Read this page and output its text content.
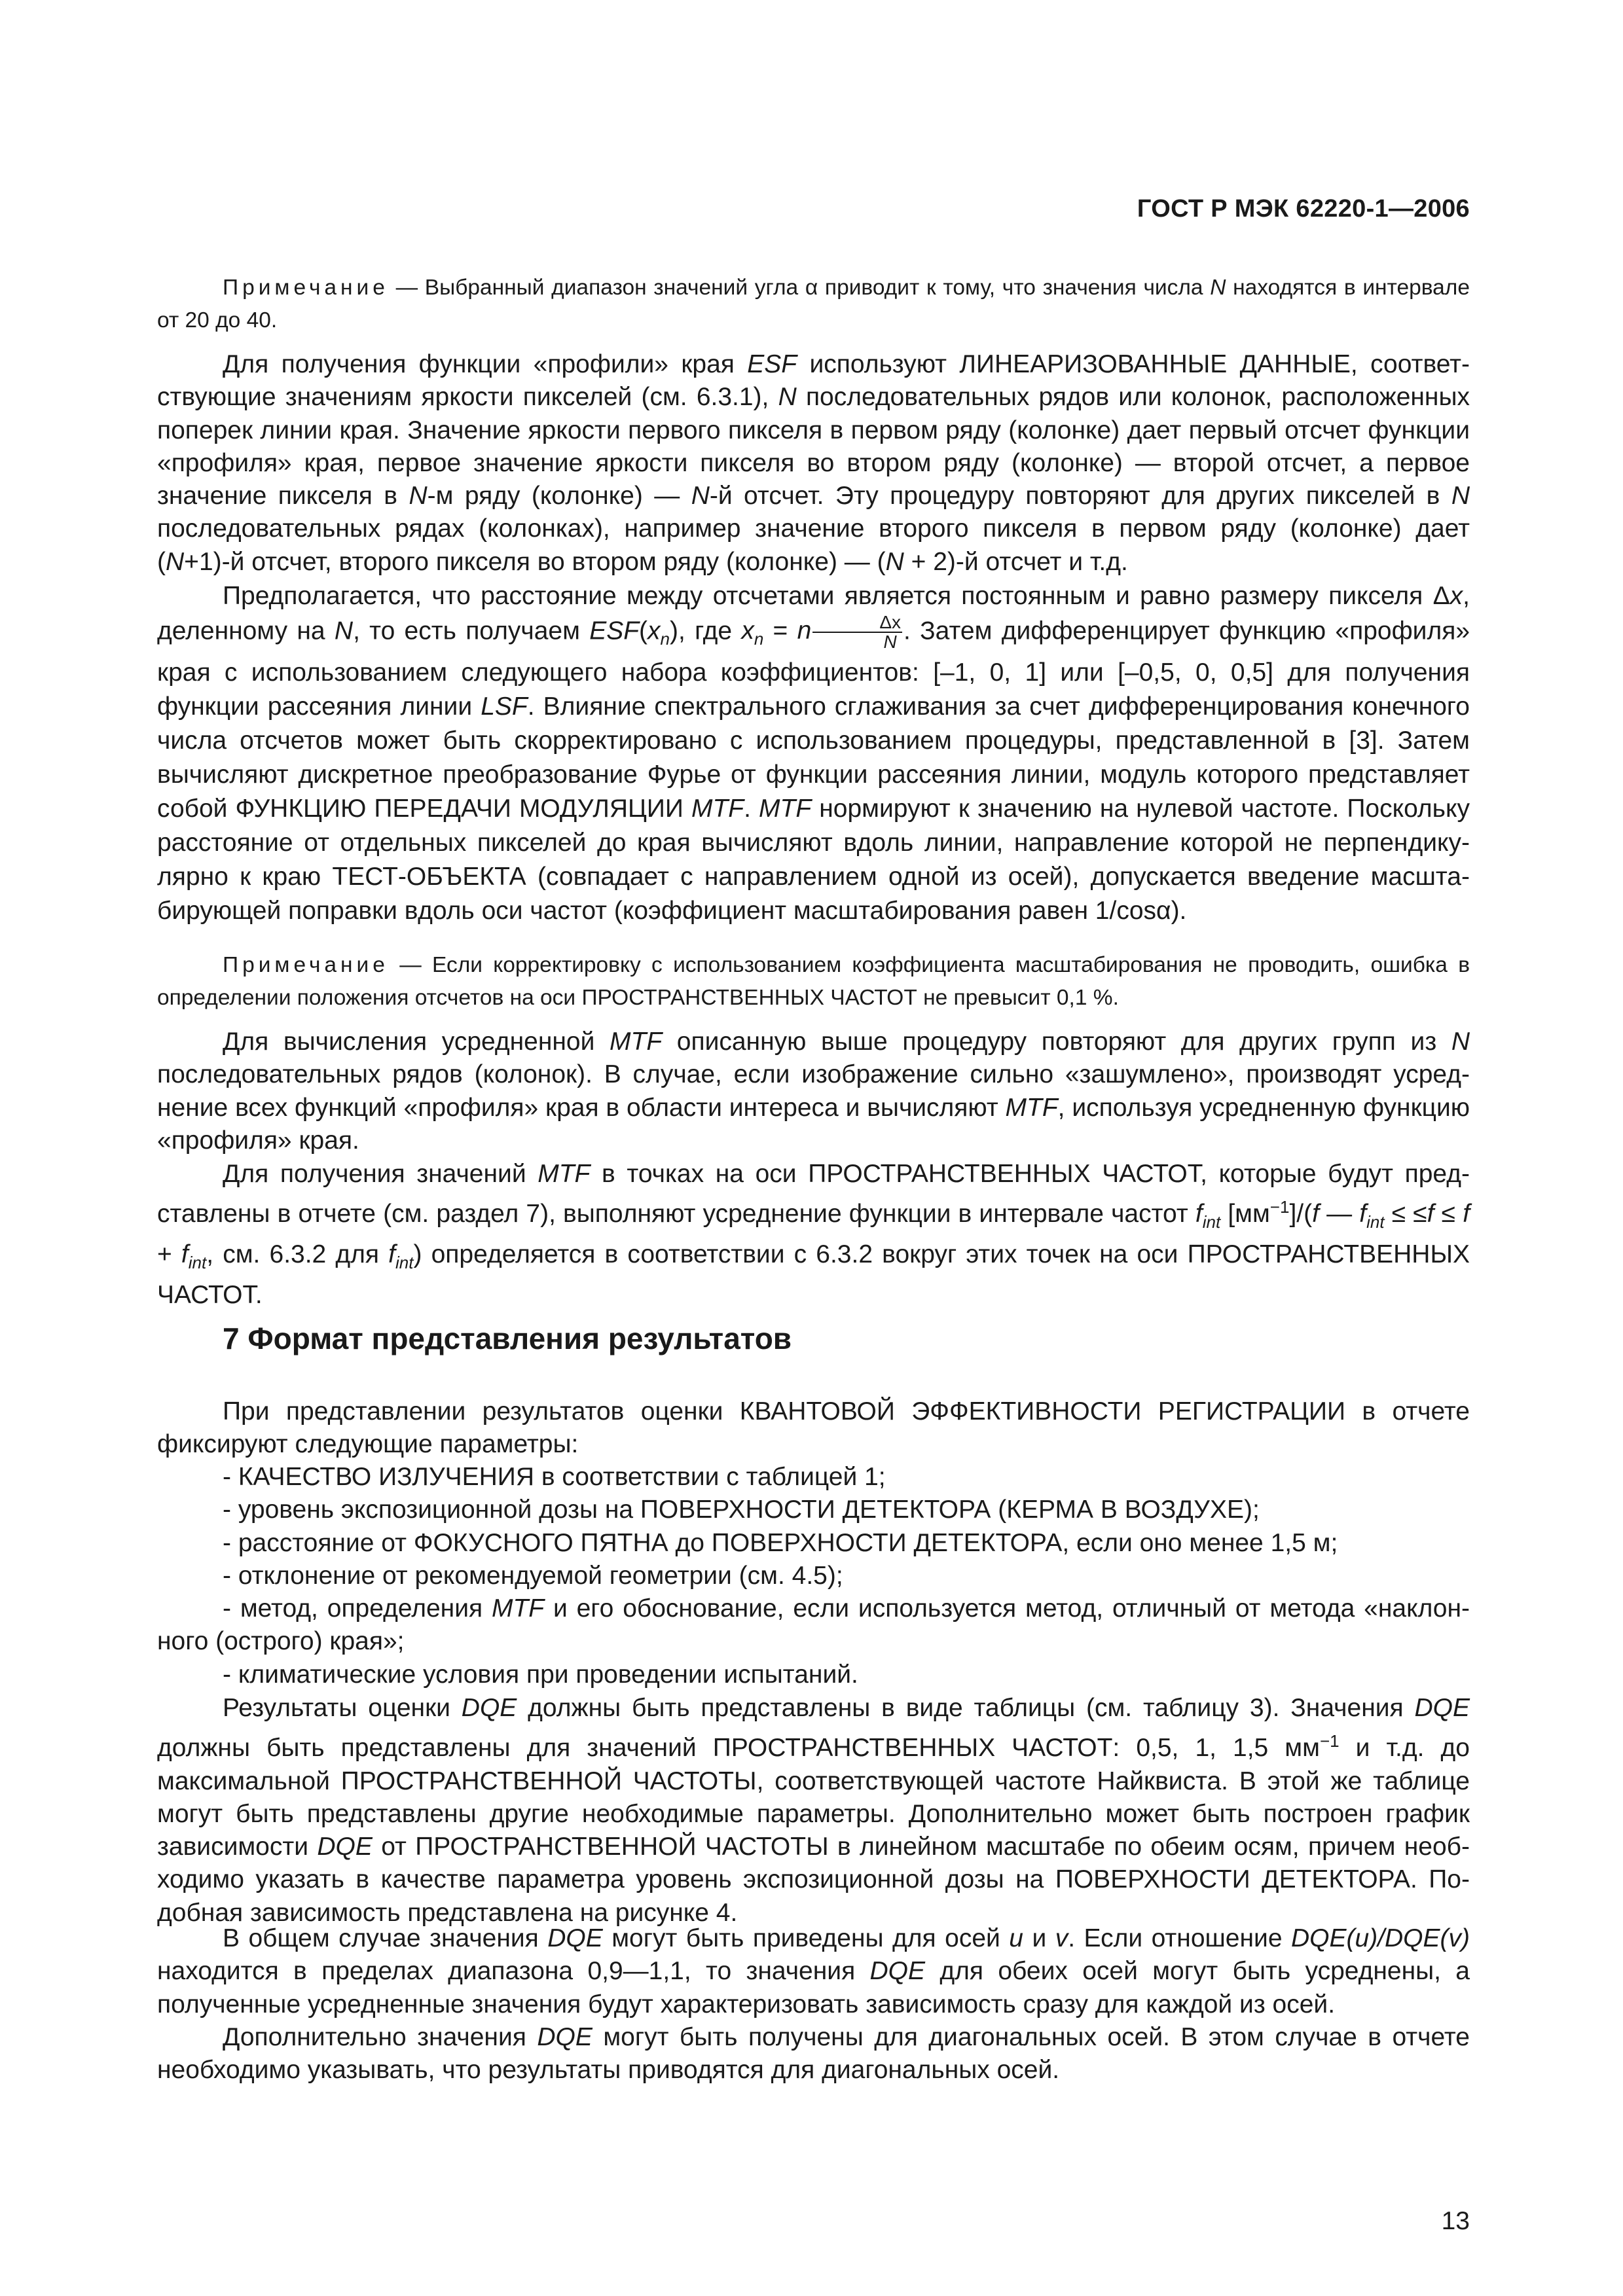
ГОСТ Р МЭК 62220-1—2006

Примечание — Выбранный диапазон значений угла α приводит к тому, что значения числа N находятся в интервале от 20 до 40.

Для получения функции «профили» края ESF используют ЛИНЕАРИЗОВАННЫЕ ДАННЫЕ, соответствующие значениям яркости пикселей (см. 6.3.1), N последовательных рядов или колонок, расположенных поперек линии края. Значение яркости первого пикселя в первом ряду (колонке) дает первый отсчет функции «профиля» края, первое значение яркости пикселя во втором ряду (колонке) — второй отсчет, а первое значение пикселя в N-м ряду (колонке) — N-й отсчет. Эту процедуру повторяют для других пикселей в N последовательных рядах (колонках), например значение второго пикселя в первом ряду (колонке) дает (N+1)-й отсчет, второго пикселя во втором ряду (колонке) — (N + 2)-й отсчет и т.д.

Предполагается, что расстояние между отсчетами является постоянным и равно размеру пикселя Δx, деленному на N, то есть получаем $ESF(x_n)$, где $x_n = n \frac{\Delta x}{N}$ . Затем дифференцирует функцию «профиля» края с использованием следующего набора коэффициентов: [–1, 0, 1] или [–0,5, 0, 0,5] для получения функции рассеяния линии LSF. Влияние спектрального сглаживания за счет дифференцирования конечного числа отсчетов может быть скорректировано с использованием процедуры, представленной в [3]. Затем вычисляют дискретное преобразование Фурье от функции рассеяния линии, модуль которого представляет собой ФУНКЦИЮ ПЕРЕДАЧИ МОДУЛЯЦИИ MTF. MTF нормируют к значению на нулевой частоте. Поскольку расстояние от отдельных пикселей до края вычисляют вдоль линии, направление которой не перпендикулярно к краю ТЕСТ-ОБЪЕКТА (совпадает с направлением одной из осей), допускается введение масштабирующей поправки вдоль оси частот (коэффициент масштабирования равен 1/cosα).

Примечание — Если корректировку с использованием коэффициента масштабирования не проводить, ошибка в определении положения отсчетов на оси ПРОСТРАНСТВЕННЫХ ЧАСТОТ не превысит 0,1 %.

Для вычисления усредненной MTF описанную выше процедуру повторяют для других групп из N последовательных рядов (колонок). В случае, если изображение сильно «зашумлено», производят усреднение всех функций «профиля» края в области интереса и вычисляют MTF, используя усредненную функцию «профиля» края.

Для получения значений MTF в точках на оси ПРОСТРАНСТВЕННЫХ ЧАСТОТ, которые будут представлены в отчете (см. раздел 7), выполняют усреднение функции в интервале частот $f_{int}$ $[мм^{-1}]/(f$ — $f_{int} \le \le f \le f + f_{int}$, см. 6.3.2 для $f_{int}$) определяется в соответствии с 6.3.2 вокруг этих точек на оси ПРОСТРАНСТВЕННЫХ ЧАСТОТ.

7 Формат представления результатов

При представлении результатов оценки КВАНТОВОЙ ЭФФЕКТИВНОСТИ РЕГИСТРАЦИИ в отчете фиксируют следующие параметры:

- КАЧЕСТВО ИЗЛУЧЕНИЯ в соответствии с таблицей 1;

- уровень экспозиционной дозы на ПОВЕРХНОСТИ ДЕТЕКТОРА (КЕРМА В ВОЗДУХЕ);

- расстояние от ФОКУСНОГО ПЯТНА до ПОВЕРХНОСТИ ДЕТЕКТОРА, если оно менее 1,5 м;

- отклонение от рекомендуемой геометрии (см. 4.5);

- метод, определения MTF и его обоснование, если используется метод, отличный от метода «наклонного (острого) края»;

- климатические условия при проведении испытаний.

Результаты оценки DQE должны быть представлены в виде таблицы (см. таблицу 3). Значения DQE должны быть представлены для значений ПРОСТРАНСТВЕННЫХ ЧАСТОТ: 0,5, 1, 1,5 $мм^{-1}$ и т.д. до максимальной ПРОСТРАНСТВЕННОЙ ЧАСТОТЫ, соответствующей частоте Найквиста. В этой же таблице могут быть представлены другие необходимые параметры. Дополнительно может быть построен график зависимости DQE от ПРОСТРАНСТВЕННОЙ ЧАСТОТЫ в линейном масштабе по обеим осям, причем необходимо указать в качестве параметра уровень экспозиционной дозы на ПОВЕРХНОСТИ ДЕТЕКТОРА. Подобная зависимость представлена на рисунке 4.

В общем случае значения DQE могут быть приведены для осей u и v. Если отношение DQE(u)/DQE(v) находится в пределах диапазона 0,9—1,1, то значения DQE для обеих осей могут быть усреднены, а полученные усредненные значения будут характеризовать зависимость сразу для каждой из осей.

Дополнительно значения DQE могут быть получены для диагональных осей. В этом случае в отчете необходимо указывать, что результаты приводятся для диагональных осей.

13
